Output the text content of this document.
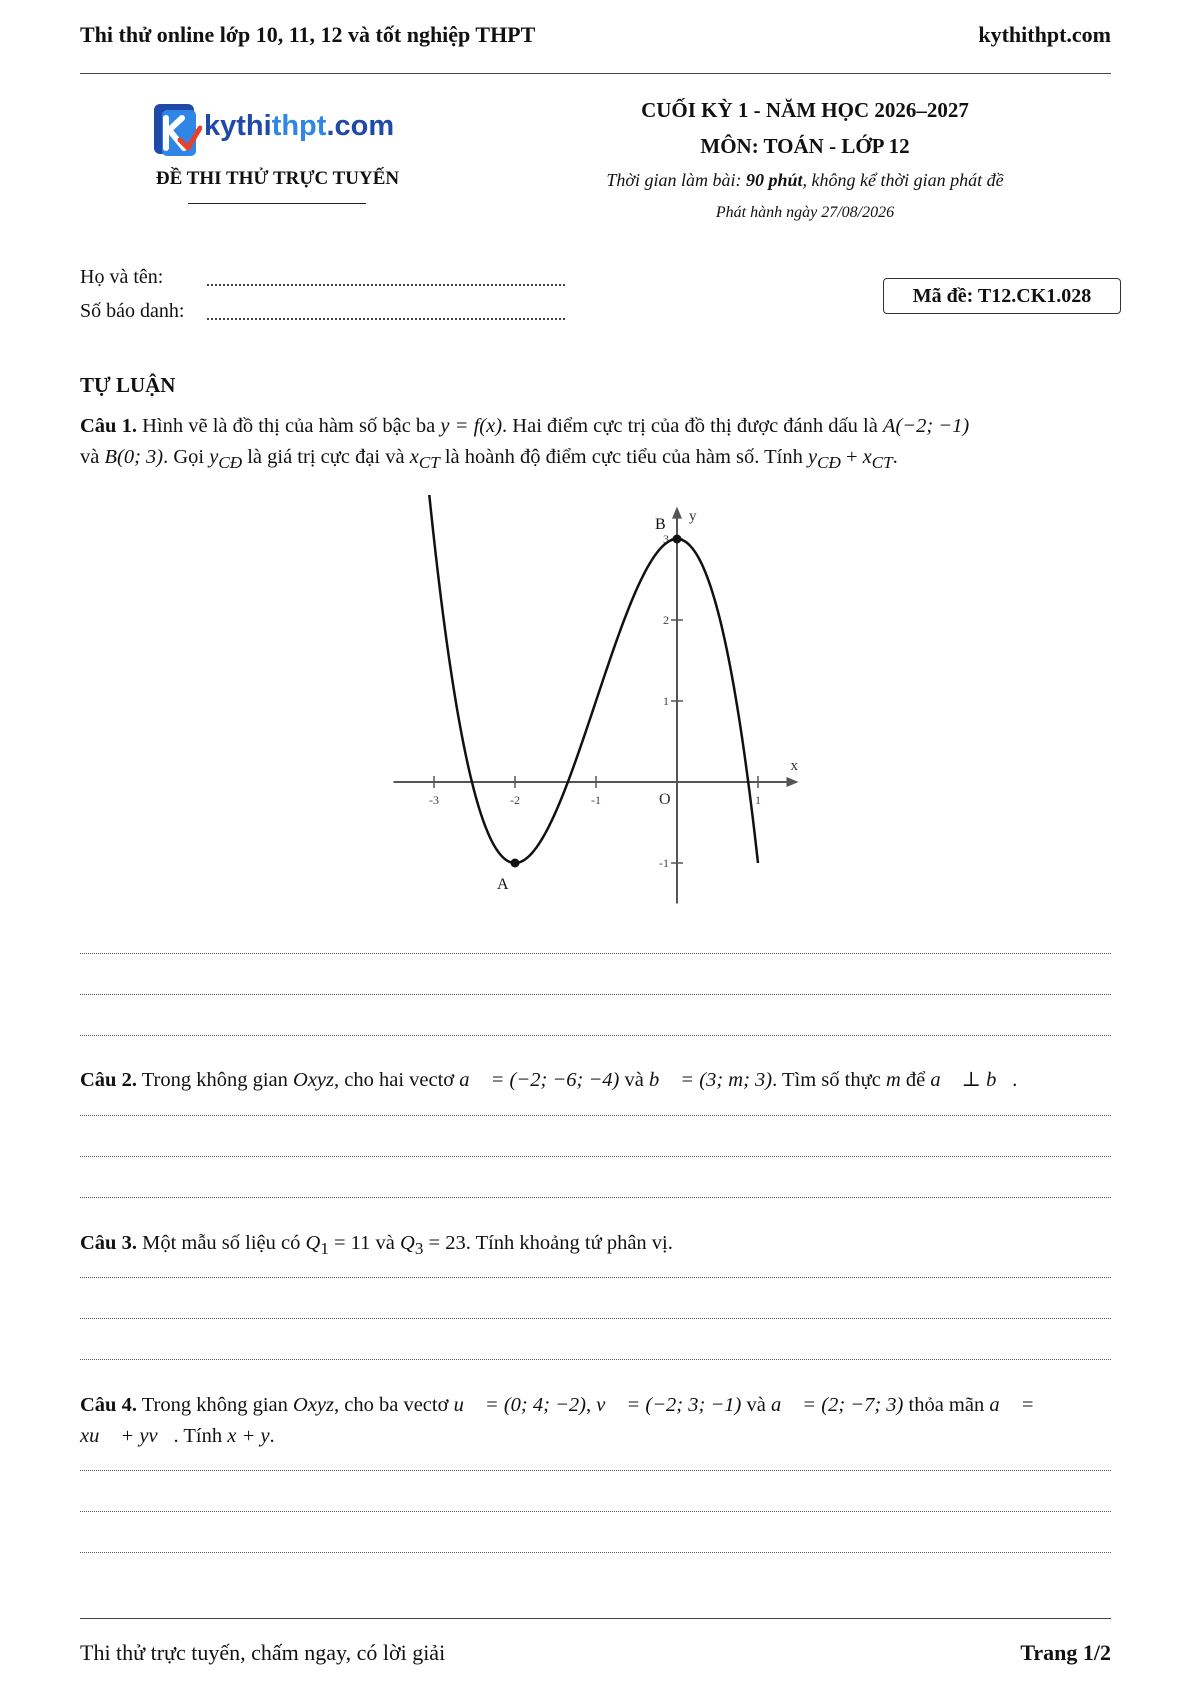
Thi thử online lớp 10, 11, 12 và tốt nghiệp THPT	kythithpt.com
kythithpt.com
ĐỀ THI THỬ TRỰC TUYẾN
CUỐI KỲ 1 - NĂM HỌC 2026–2027
MÔN: TOÁN - LỚP 12
Thời gian làm bài: 90 phút, không kể thời gian phát đề
Phát hành ngày 27/08/2026
Họ và tên:
Số báo danh:
Mã đề: T12.CK1.028
TỰ LUẬN
Câu 1. Hình vẽ là đồ thị của hàm số bậc ba y = f(x). Hai điểm cực trị của đồ thị được đánh dấu là A(−2; −1)
và B(0; 3). Gọi $y_{CĐ}$ là giá trị cực đại và $x_{CT}$ là hoành độ điểm cực tiểu của hàm số. Tính $y_{CĐ} + x_{CT}$.
x
y
O
-3	-2	-1	1
-1
1
2
3
A
B
Câu 2. Trong không gian Oxyz, cho hai vectơ a⃗ = (−2; −6; −4) và b⃗ = (3; m; 3). Tìm số thực m để a⃗ ⊥ b⃗.
Câu 3. Một mẫu số liệu có $Q_1 = 11$ và $Q_3 = 23$. Tính khoảng tứ phân vị.
Câu 4. Trong không gian Oxyz, cho ba vectơ u⃗ = (0; 4; −2), v⃗ = (−2; 3; −1) và a⃗ = (2; −7; 3) thỏa mãn a⃗ =
xu⃗ + yv⃗. Tính x + y.
Thi thử trực tuyến, chấm ngay, có lời giải	Trang 1/2
